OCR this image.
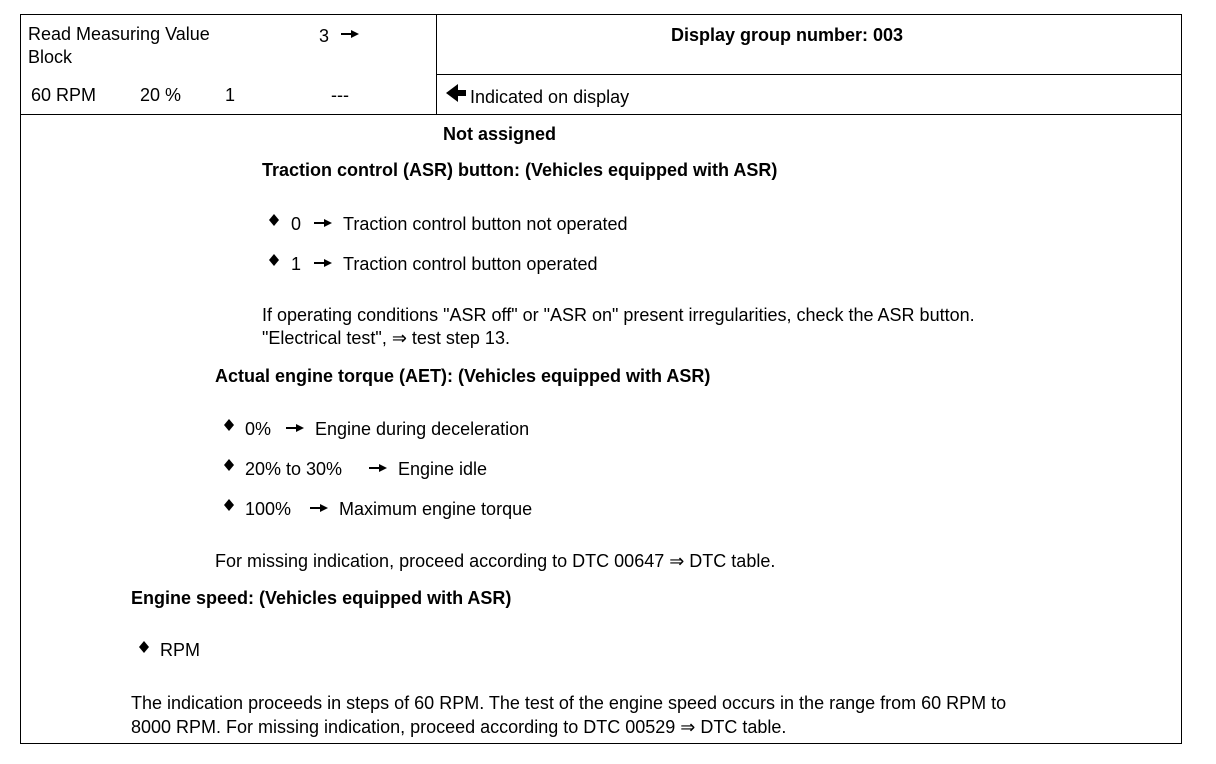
Read Measuring Value
Block
3	Display group number: 003
60 RPM 20 % 1	---	Indicated on display
Not assigned
Traction control (ASR) button: (Vehicles equipped with ASR)
0 Traction control button not operated
1 Traction control button operated
If operating conditions "ASR off" or "ASR on" present irregularities, check the ASR button.
"Electrical test", ⇒ test step 13.
Actual engine torque (AET): (Vehicles equipped with ASR)
0% Engine during deceleration
20% to 30%	Engine idle
100%	Maximum engine torque
For missing indication, proceed according to DTC 00647 ⇒ DTC table.
Engine speed: (Vehicles equipped with ASR)
RPM
The indication proceeds in steps of 60 RPM. The test of the engine speed occurs in the range from 60 RPM to
8000 RPM. For missing indication, proceed according to DTC 00529 ⇒ DTC table.
